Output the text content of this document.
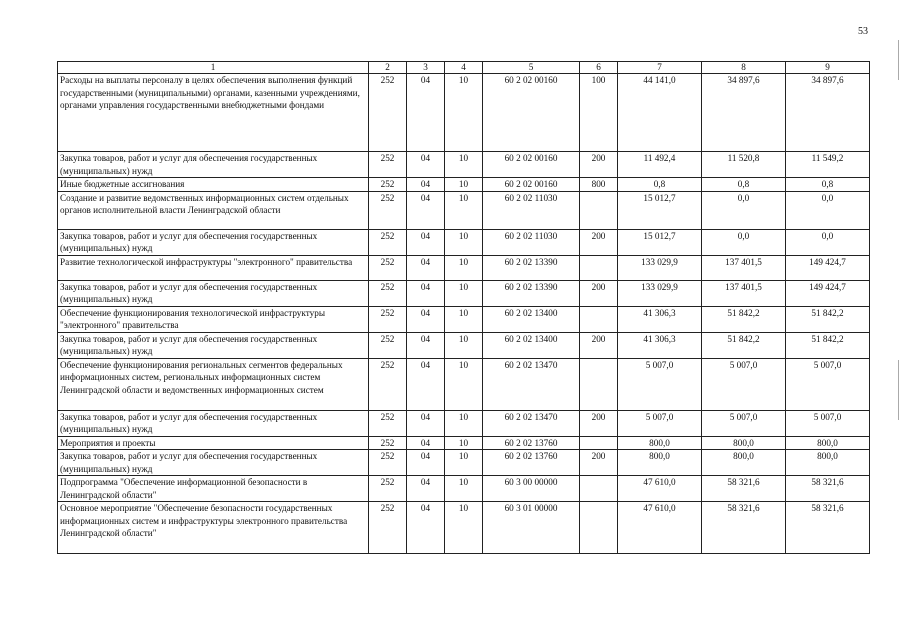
53
1	2	3	4	5	6	7	8	9
Расходы на выплаты персоналу в целях обеспечения выполнения функций государственными (муниципальными) органами, казенными учреждениями, органами управления государственными внебюджетными фондами	252	04	10	60 2 02 00160	100	44 141,0	34 897,6	34 897,6
Закупка товаров, работ и услуг для обеспечения государственных (муниципальных) нужд	252	04	10	60 2 02 00160	200	11 492,4	11 520,8	11 549,2
Иные бюджетные ассигнования	252	04	10	60 2 02 00160	800	0,8	0,8	0,8
Создание и развитие ведомственных информационных систем отдельных органов исполнительной власти Ленинградской области	252	04	10	60 2 02 11030		15 012,7	0,0	0,0
Закупка товаров, работ и услуг для обеспечения государственных (муниципальных) нужд	252	04	10	60 2 02 11030	200	15 012,7	0,0	0,0
Развитие технологической инфраструктуры "электронного" правительства	252	04	10	60 2 02 13390		133 029,9	137 401,5	149 424,7
Закупка товаров, работ и услуг для обеспечения государственных (муниципальных) нужд	252	04	10	60 2 02 13390	200	133 029,9	137 401,5	149 424,7
Обеспечение функционирования технологической инфраструктуры "электронного" правительства	252	04	10	60 2 02 13400		41 306,3	51 842,2	51 842,2
Закупка товаров, работ и услуг для обеспечения государственных (муниципальных) нужд	252	04	10	60 2 02 13400	200	41 306,3	51 842,2	51 842,2
Обеспечение функционирования региональных сегментов федеральных информационных систем, региональных информационных систем Ленинградской области и ведомственных информационных систем	252	04	10	60 2 02 13470		5 007,0	5 007,0	5 007,0
Закупка товаров, работ и услуг для обеспечения государственных (муниципальных) нужд	252	04	10	60 2 02 13470	200	5 007,0	5 007,0	5 007,0
Мероприятия и проекты	252	04	10	60 2 02 13760		800,0	800,0	800,0
Закупка товаров, работ и услуг для обеспечения государственных (муниципальных) нужд	252	04	10	60 2 02 13760	200	800,0	800,0	800,0
Подпрограмма "Обеспечение информационной безопасности в Ленинградской области"	252	04	10	60 3 00 00000		47 610,0	58 321,6	58 321,6
Основное мероприятие "Обеспечение безопасности государственных информационных систем и инфраструктуры электронного правительства Ленинградской области"	252	04	10	60 3 01 00000		47 610,0	58 321,6	58 321,6
